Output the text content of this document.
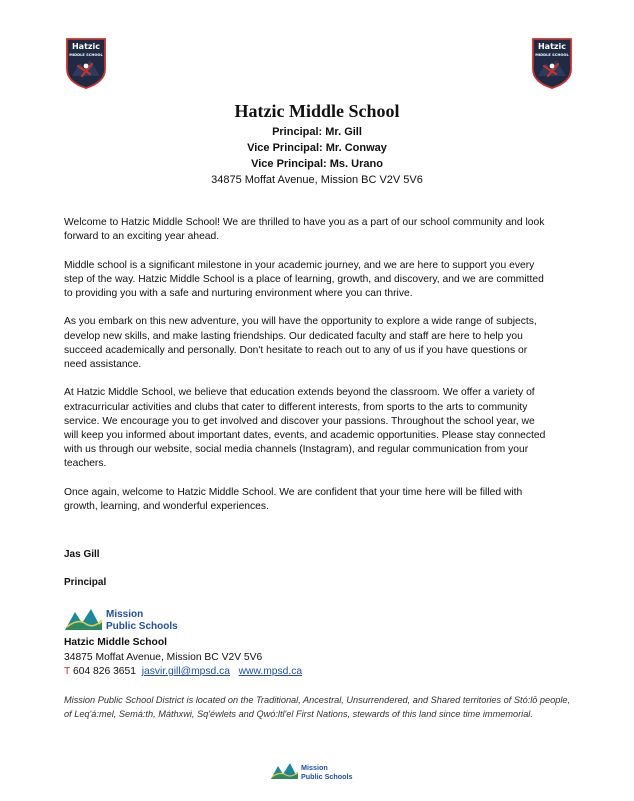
Hatzic
MIDDLE SCHOOL
Hatzic
MIDDLE SCHOOL
Hatzic Middle School
Principal: Mr. Gill
Vice Principal: Mr. Conway
Vice Principal: Ms. Urano
34875 Moffat Avenue, Mission BC V2V 5V6

Welcome to Hatzic Middle School! We are thrilled to have you as a part of our school community and look forward to an exciting year ahead.

Middle school is a significant milestone in your academic journey, and we are here to support you every step of the way. Hatzic Middle School is a place of learning, growth, and discovery, and we are committed to providing you with a safe and nurturing environment where you can thrive.

As you embark on this new adventure, you will have the opportunity to explore a wide range of subjects, develop new skills, and make lasting friendships. Our dedicated faculty and staff are here to help you succeed academically and personally. Don't hesitate to reach out to any of us if you have questions or need assistance.

At Hatzic Middle School, we believe that education extends beyond the classroom. We offer a variety of extracurricular activities and clubs that cater to different interests, from sports to the arts to community service. We encourage you to get involved and discover your passions. Throughout the school year, we will keep you informed about important dates, events, and academic opportunities. Please stay connected with us through our website, social media channels (Instagram), and regular communication from your teachers.

Once again, welcome to Hatzic Middle School. We are confident that your time here will be filled with growth, learning, and wonderful experiences.

Jas Gill
Principal
Mission
Public Schools
Hatzic Middle School
34875 Moffat Avenue, Mission BC V2V 5V6
T 604 826 3651 jasvir.gill@mpsd.ca www.mpsd.ca
Mission Public School District is located on the Traditional, Ancestral, Unsurrendered, and Shared territories of Stó:lō people, of Leq'á:mel, Semá:th, Máthxwi, Sq'éwlets and Qwó:ltl'el First Nations, stewards of this land since time immemorial.
Mission
Public Schools
